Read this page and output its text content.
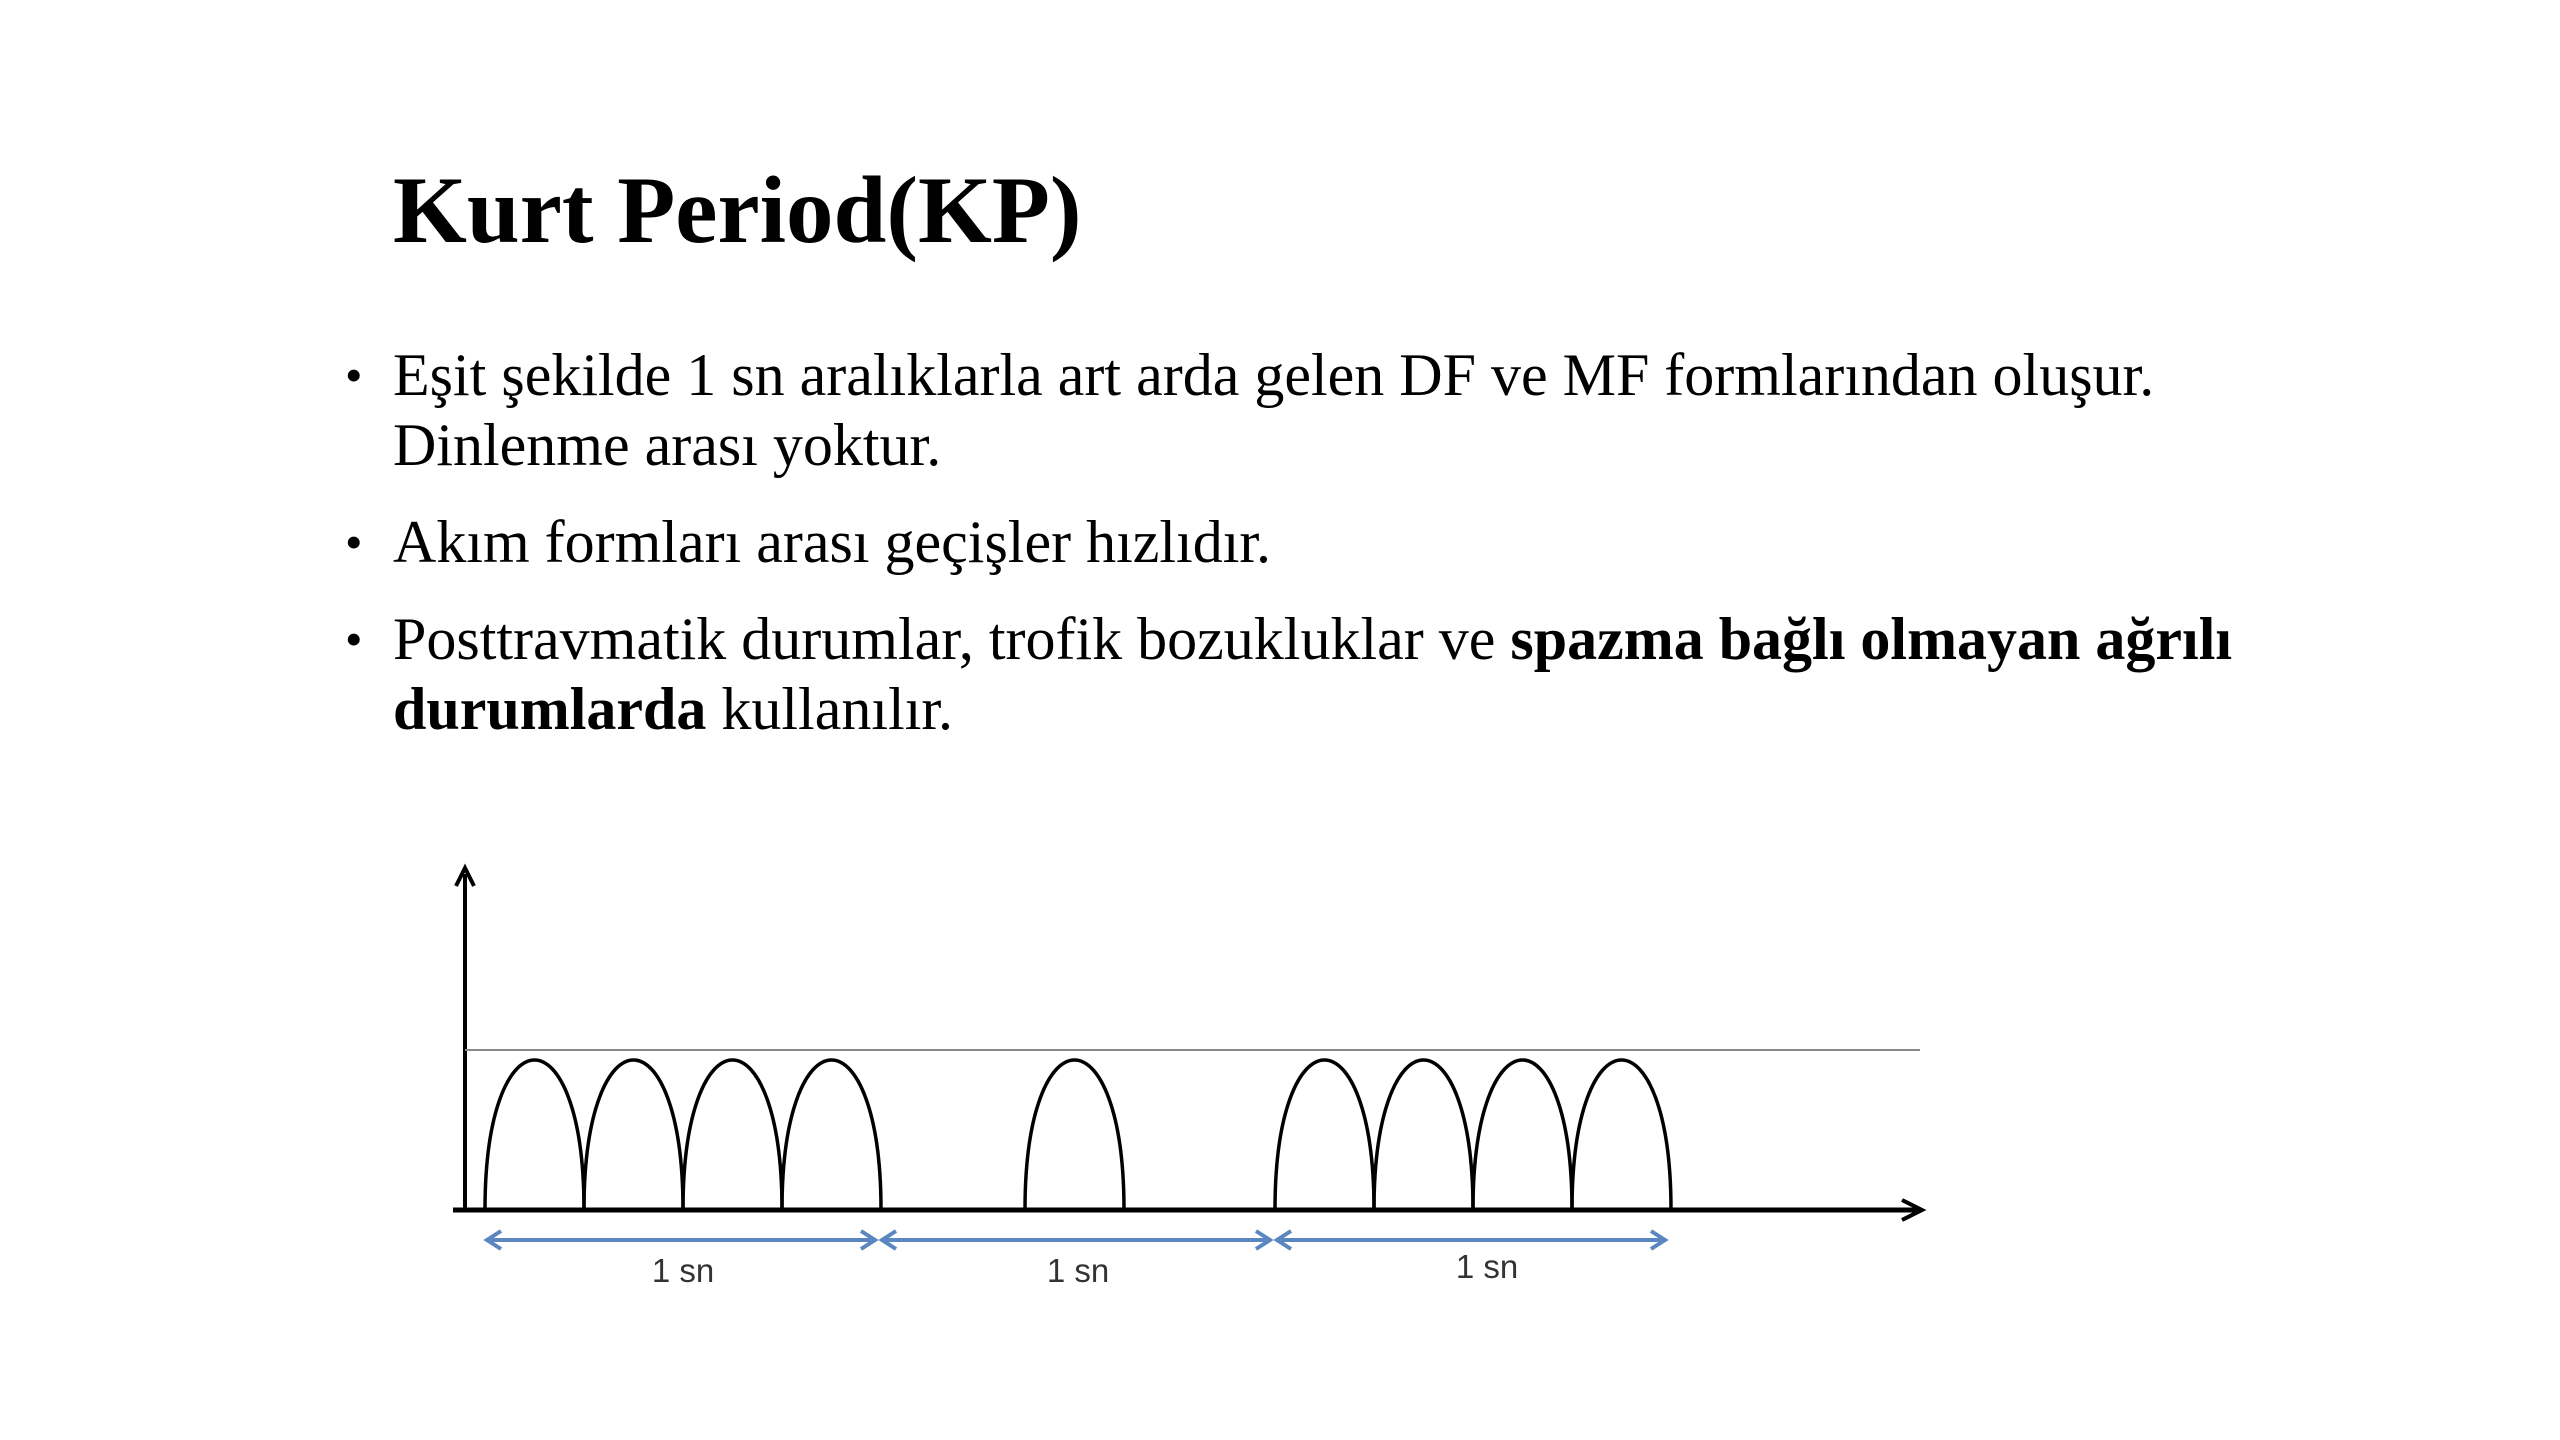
Kurt Period(KP)
• Eşit şekilde 1 sn aralıklarla art arda gelen DF ve MF formlarından oluşur. Dinlenme arası yoktur.
• Akım formları arası geçişler hızlıdır.
• Posttravmatik durumlar, trofik bozukluklar ve spazma bağlı olmayan ağrılı durumlarda kullanılır.
1 sn	1 sn	1 sn
